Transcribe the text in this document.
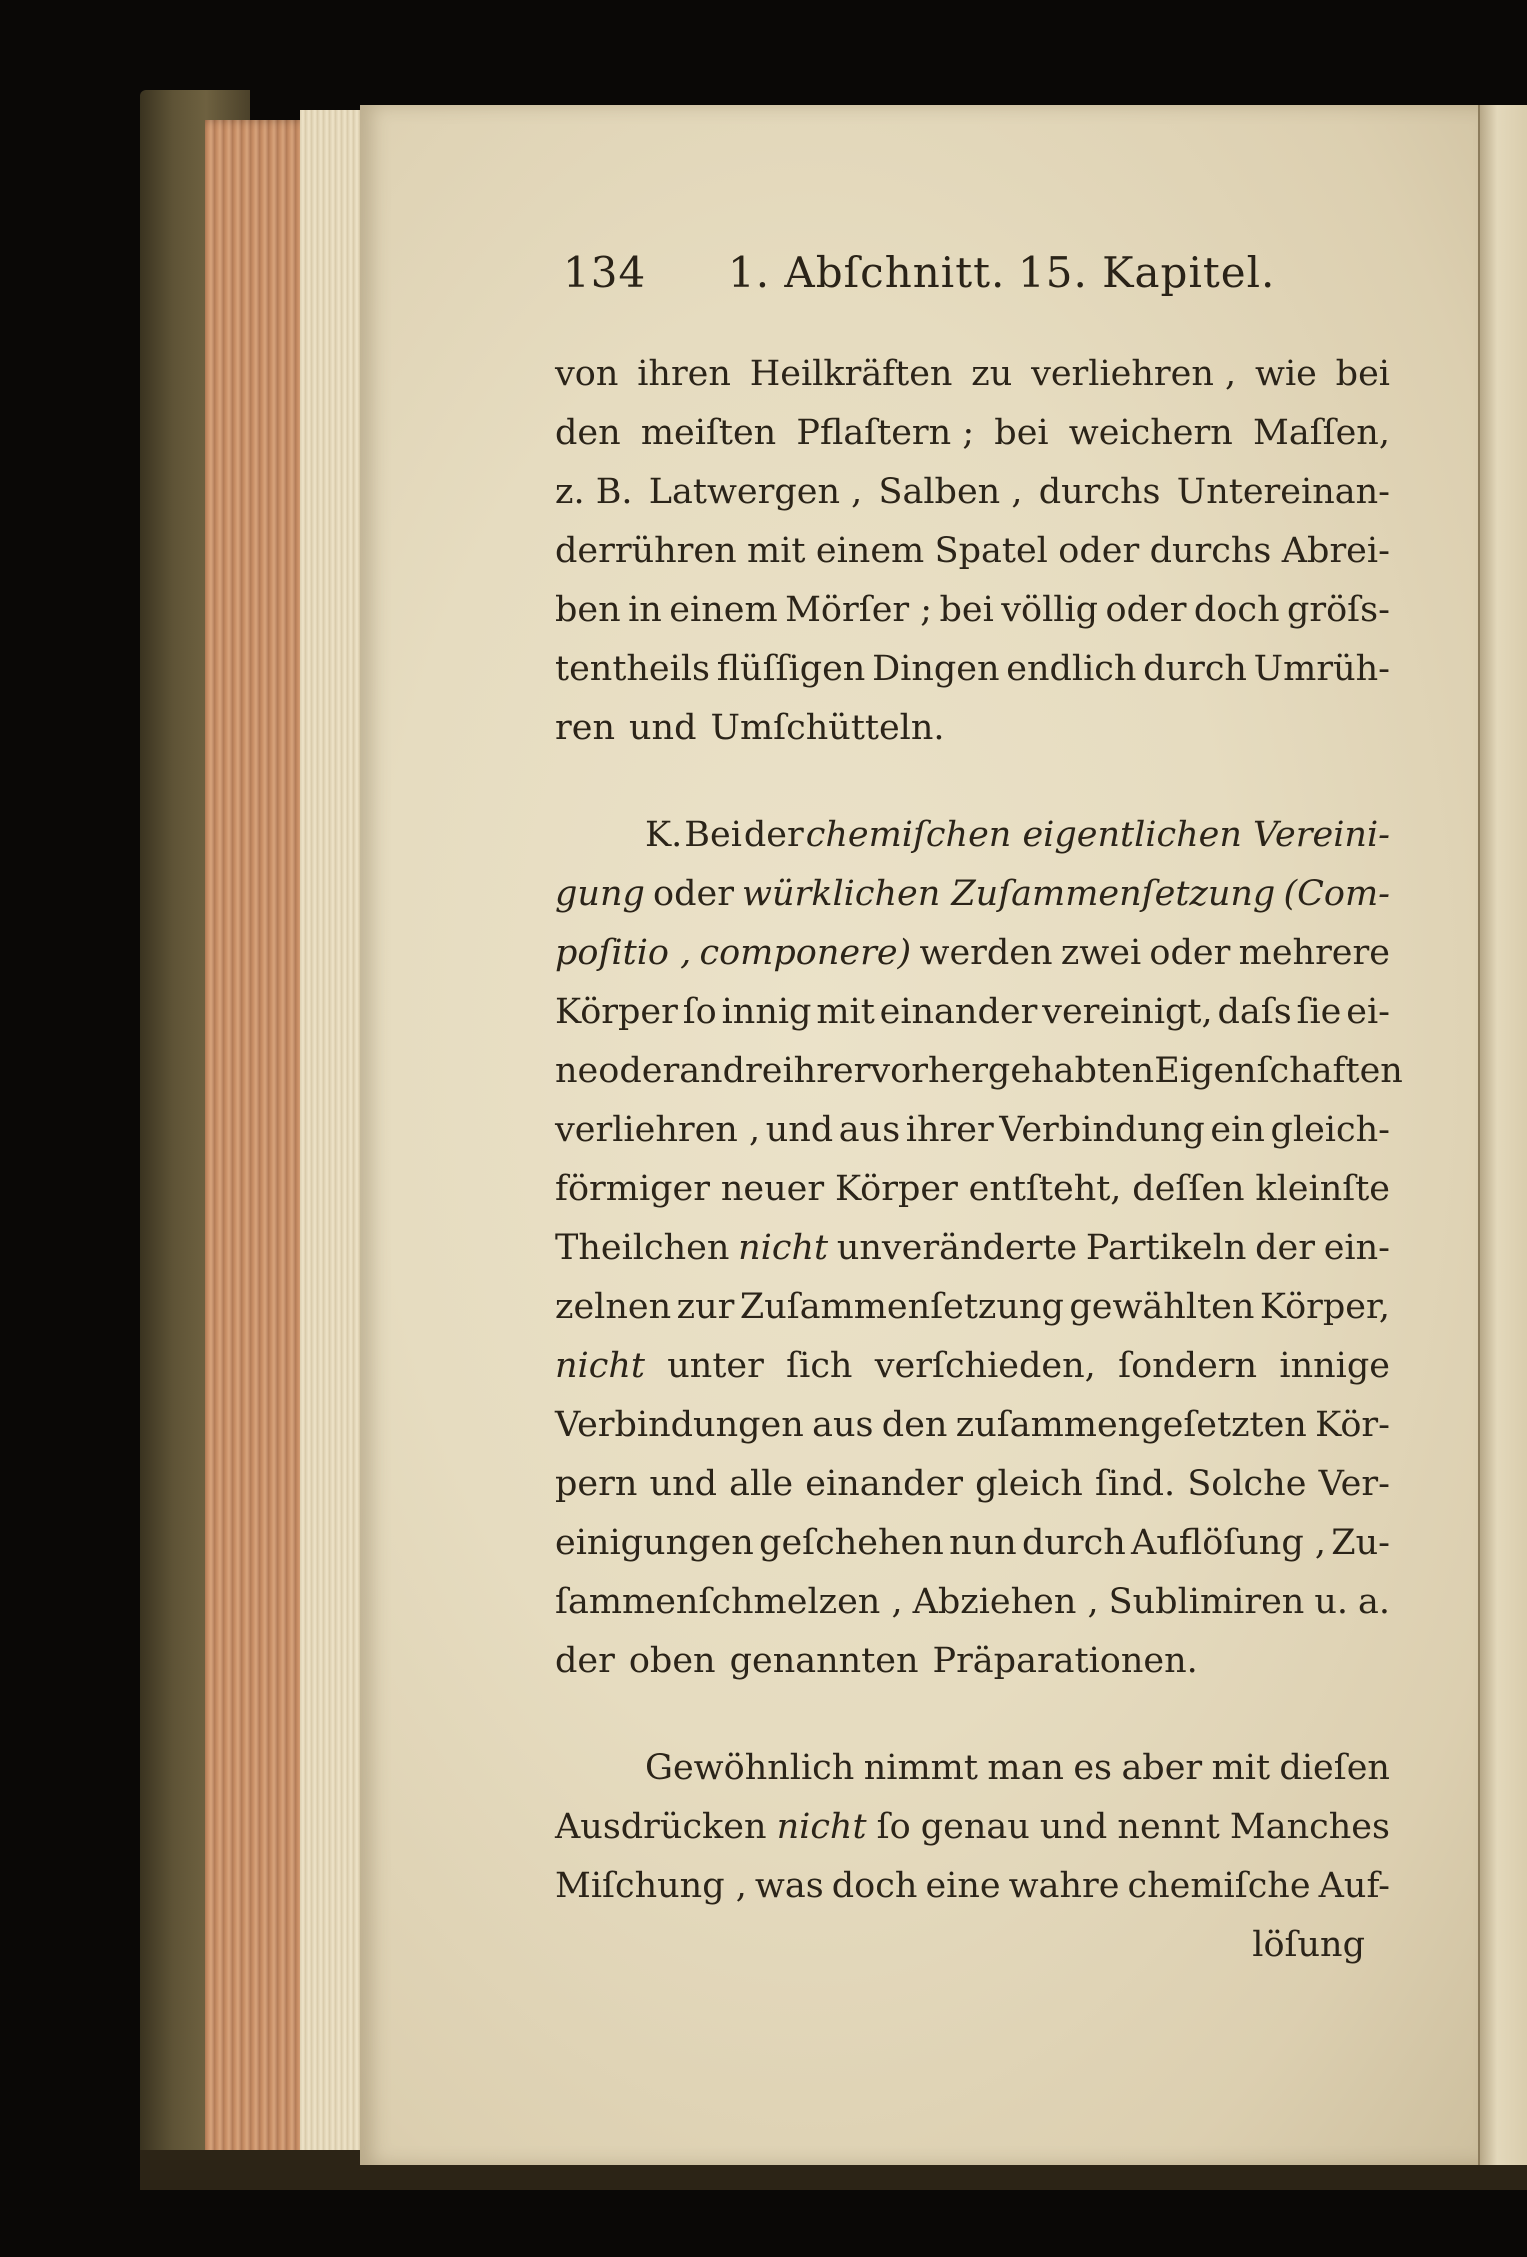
134 1. Abſchnitt. 15. Kapitel.
von ihren Heilkräften zu verliehren , wie bei
den meiſten Pflaſtern ; bei weichern Maſſen,
z. B. Latwergen , Salben , durchs Untereinan-
derrühren mit einem Spatel oder durchs Abrei-
ben in einem Mörſer ; bei völlig oder doch gröſs-
tentheils flüſſigen Dingen endlich durch Umrüh-
ren und Umſchütteln.
K. Bei der chemiſchen eigentlichen Vereini-
gung oder würklichen Zuſammenſetzung (Com-
poſitio , componere) werden zwei oder mehrere
Körper ſo innig mit einander vereinigt, daſs ſie ei-
ne oder andre ihrer vorhergehabten Eigenſchaften
verliehren , und aus ihrer Verbindung ein gleich-
förmiger neuer Körper entſteht, deſſen kleinſte
Theilchen nicht unveränderte Partikeln der ein-
zelnen zur Zuſammenſetzung gewählten Körper,
nicht unter ſich verſchieden, ſondern innige
Verbindungen aus den zuſammengeſetzten Kör-
pern und alle einander gleich ſind. Solche Ver-
einigungen geſchehen nun durch Auflöſung , Zu-
ſammenſchmelzen , Abziehen , Sublimiren u. a.
der oben genannten Präparationen.
Gewöhnlich nimmt man es aber mit dieſen
Ausdrücken nicht ſo genau und nennt Manches
Miſchung , was doch eine wahre chemiſche Auf-
löſung
